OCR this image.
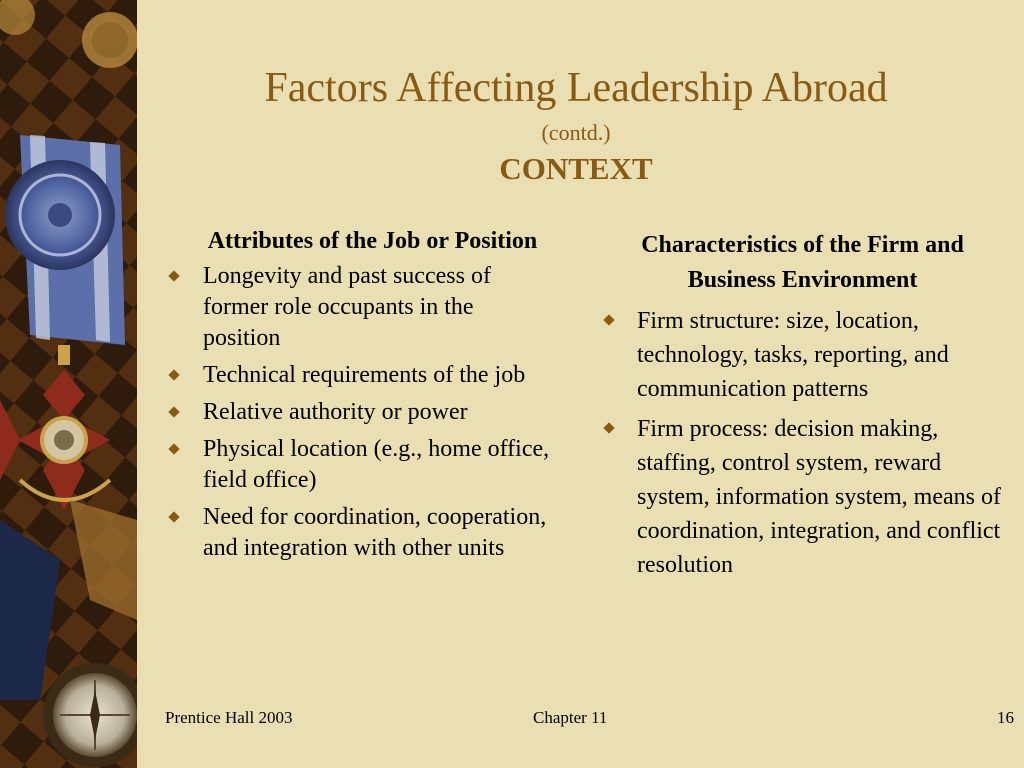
Factors Affecting Leadership Abroad
(contd.)
CONTEXT
Attributes of the Job or Position
Longevity and past success of former role occupants in the position
Technical requirements of the job
Relative authority or power
Physical location (e.g., home office, field office)
Need for coordination, cooperation, and integration with other units
Characteristics of the Firm and Business Environment
Firm structure: size, location, technology, tasks, reporting, and communication patterns
Firm process: decision making, staffing, control system, reward system, information system, means of coordination, integration, and conflict resolution
Prentice Hall 2003	Chapter 11	16
